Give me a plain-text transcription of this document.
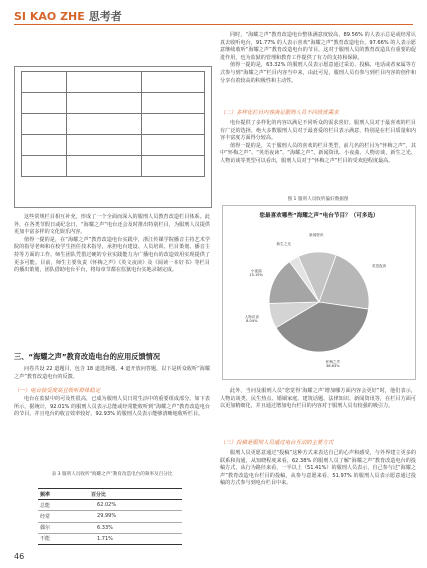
SI KAO ZHE 思考者

这些常规栏目相互补充，形成了一个全面而深入的服刑人员教育改造栏目体系。此外，在各类节假日或纪念日，“海耀之声”电台还会及时推出特别栏目，为服刑人员提供更加丰富多样的文化娱乐内容。

值得一提的是，在“海耀之声”教育改造电台实践中，浙江传媒学院播音主持艺术学院的指导老师和在校学生担任技术指导，承担电台建设、人员培训、栏目策划、播音主持等方面的工作。师生团队凭借过硬的专业实践能力为广播电台的改造效用实现提供了更多可能。目前，师生主要负责《怀梅之声》《英文夜读》及《阅读一本好书》等栏目的播出策划，团队借助电台平台，将每章节都在监狱电台实地录制完成。

三、“海耀之声”教育改造电台的应用反馈情况

问卷共设 22 道题目，包含 18 道选择题、4 道开放问答题，以下是析众收听“海耀之声”教育改造电台的反馈。

（一）电台接受度高且收听群体稳定

电台在监狱中的可及性很高，已成为服刑人员日常生活中的重要组成部分。如下表所示，据统计，92.01% 的服刑人员表示总能或经常能收听到“海耀之声”教育改造电台的节目，并且电台的收音效率较好。92.93% 的服刑人员表示能够清晰地收听栏目。

表 3 服刑人员收听“海耀之声”教育改造电台的频率及百分比
频率	百分比
总能	62.02%
经常	29.99%
偶尔	6.33%
不能	1.71%

同时，“海耀之声”教育改造电台整体满意度较高，89.56% 的人表示总是或经常认真去收听电台，91.77% 的人表示喜欢“海耀之声”教育改造电台，97.66% 的人表示愿意继续收听“海耀之声”教育改造电台的节目，这对于服刑人员的教育改造具有重要的促进作用，也为监狱的管理和教育工作提供了有力的支持和保障。

值得一提的是，63.32% 的服刑人员表示愿意通过采访、投稿、电话或者家属等方式参与到“海耀之声”栏目内容当中来，由此可见，服刑人员有参与到栏目内容的创作和分享有着较高的积极性和主动性。

（二）多样化栏目内容满足服刑人员不同欣赏需求

电台提供了多样化的内容以满足不同听众的需求喜好。服刑人员对于最喜欢的栏目有广泛的选择，绝大多数服刑人员对于最喜爱的栏目表示满意，特别是在栏目质量和内容丰富度方面得分较高。

值得一提的是，关于服刑人员的喜欢的栏目类型，前几名的栏目为“怀梅之声”，其中“怀梅之声”、“英语夜读”、“海耀之声”、新闻资讯、小夜曲、人物访谈、新生之光、人物访谈等类型可以看出，服刑人员对于“怀梅之声”栏目的受欢迎程度最高。

图 1 服刑人员收听偏好数据图
您最喜欢哪些“海耀之声”电台节目？（可多选）
英语夜读
怀梅之声
38.63%
人物访谈
8.04%
小夜曲
15.19%
新生之光
新闻资讯

此外，当问及服刑人员“您觉得‘海耀之声’增加哪方面内容会更好”时，他们表示，人物访谈类、民生热点、婚姻家庭、建筑话题、法律知识、新闻资讯等，在栏目方面可以更加精细化，并且通过增加电台栏目的内容对于服刑人员有较强的吸引力。

（三）投稿是服刑人员通过电台互动的主要方式

服刑人员更愿意通过“投稿”这种方式来表达自己的心声和感受，与外界建立更多的联系和沟通，从知晓程度来看，62.38% 的服刑人员了解“海耀之声”教育改造电台的投稿方式，从行为路径来看，一半以上（51.41%）的服刑人员表示，自己参与过“海耀之声”教育改造电台栏目的投稿，从参与意愿来看，51.97% 的服刑人员表示愿意通过投稿的方式参与到电台栏目中来。

46
